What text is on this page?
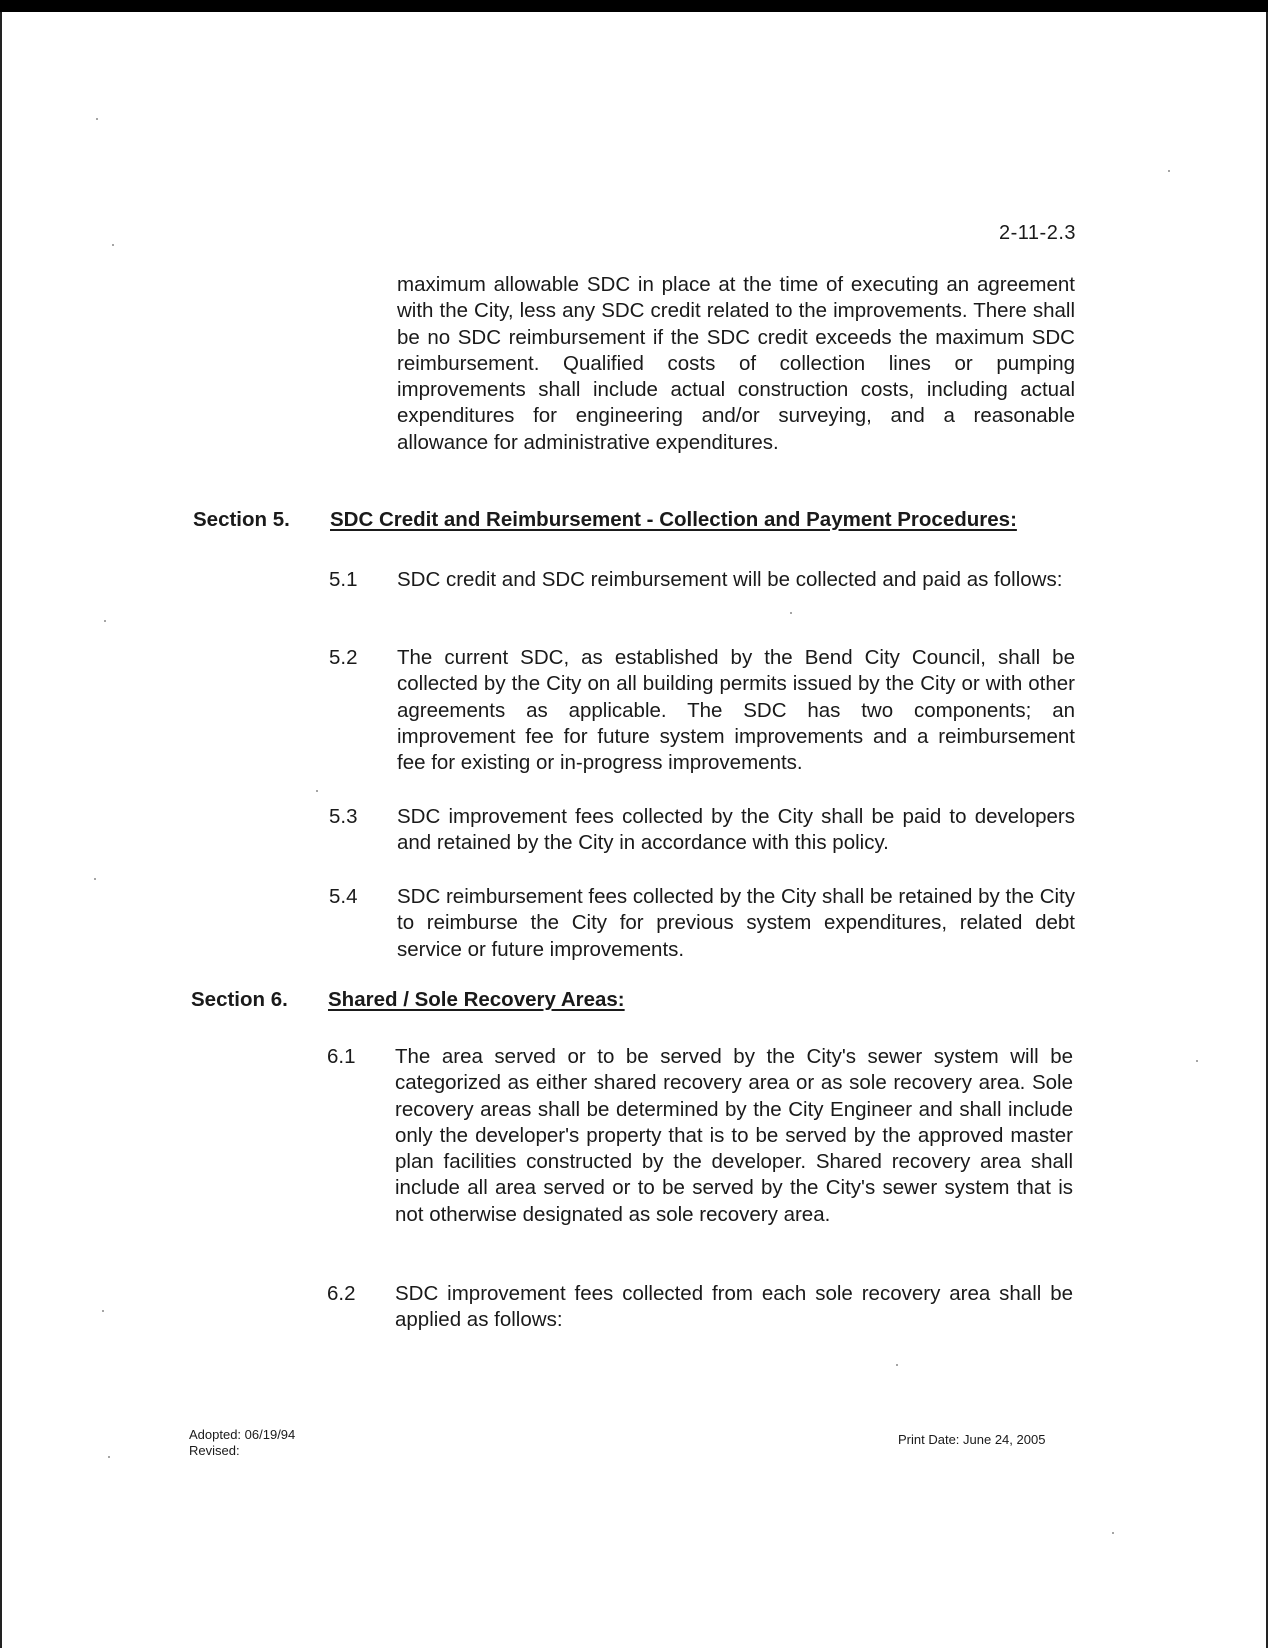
2-11-2.3

maximum allowable SDC in place at the time of executing an agreement with the City, less any SDC credit related to the improvements. There shall be no SDC reimbursement if the SDC credit exceeds the maximum SDC reimbursement. Qualified costs of collection lines or pumping improvements shall include actual construction costs, including actual expenditures for engineering and/or surveying, and a reasonable allowance for administrative expenditures.

Section 5. SDC Credit and Reimbursement - Collection and Payment Procedures:
5.1 SDC credit and SDC reimbursement will be collected and paid as follows:

5.2 The current SDC, as established by the Bend City Council, shall be collected by the City on all building permits issued by the City or with other agreements as applicable. The SDC has two components; an improvement fee for future system improvements and a reimbursement fee for existing or in-progress improvements.

5.3 SDC improvement fees collected by the City shall be paid to developers and retained by the City in accordance with this policy.

5.4 SDC reimbursement fees collected by the City shall be retained by the City to reimburse the City for previous system expenditures, related debt service or future improvements.

Section 6. Shared / Sole Recovery Areas:
6.1 The area served or to be served by the City's sewer system will be categorized as either shared recovery area or as sole recovery area. Sole recovery areas shall be determined by the City Engineer and shall include only the developer's property that is to be served by the approved master plan facilities constructed by the developer. Shared recovery area shall include all area served or to be served by the City's sewer system that is not otherwise designated as sole recovery area.

6.2 SDC improvement fees collected from each sole recovery area shall be applied as follows:

Adopted: 06/19/94
Revised:
Print Date: June 24, 2005
